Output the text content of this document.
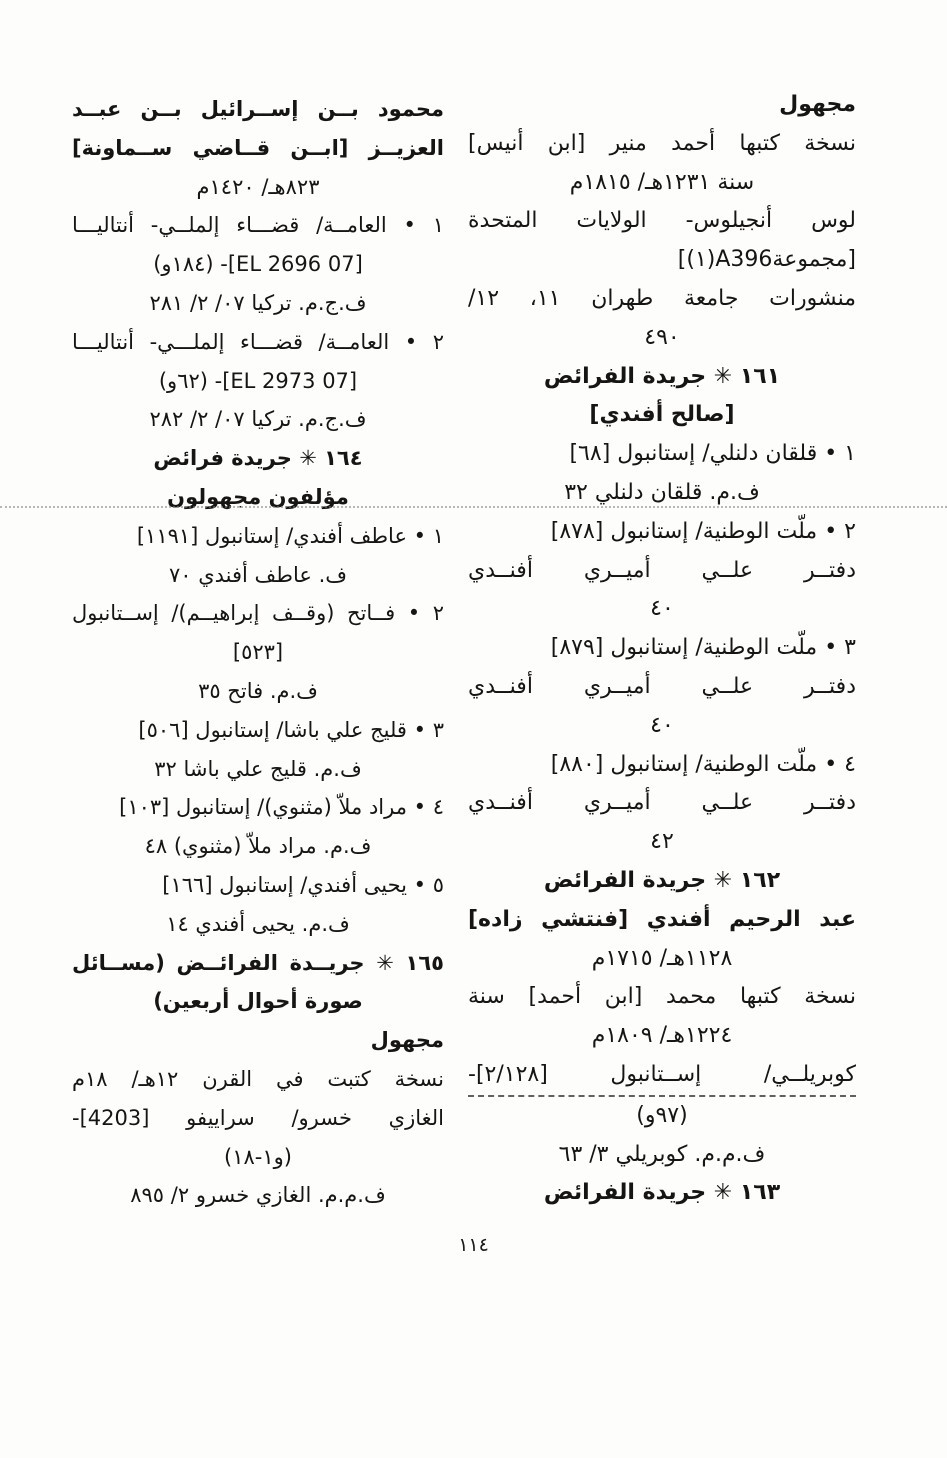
مجهول
نسخة كتبها أحمد منير [ابن أنيس]
سنة ١٢٣١هـ/ ١٨١٥م
لوس أنجيلوس- الولايات المتحدة
[مجموعةA396(١)]
منشورات جامعة طهران ١١، ١٢/
٤٩٠
١٦١ ✳ جريدة الفرائض
[صالح أفندي]
١ • قلقان دلنلي/ إستانبول [٦٨]
ف.م. قلقان دلنلي ٣٢
٢ • ملّت الوطنية/ إستانبول [٨٧٨]
دفتــر علــي أميــري أفنــدي
٤٠
٣ • ملّت الوطنية/ إستانبول [٨٧٩]
دفتــر علــي أميــري أفنــدي
٤٠
٤ • ملّت الوطنية/ إستانبول [٨٨٠]
دفتــر علــي أميــري أفنــدي
٤٢
١٦٢ ✳ جريدة الفرائض
عبد الرحيم أفندي [فنتشي زاده]
١١٢٨هـ/ ١٧١٥م
نسخة كتبها محمد [ابن أحمد] سنة
١٢٢٤هـ/ ١٨٠٩م
كوبريلــي/ إســتانبول [٢/١٢٨]-
(٩٧و)
ف.م.م. كوبريلي ٣/ ٦٣
١٦٣ ✳ جريدة الفرائض
محمود بــن إســرائيل بــن عبــد
العزيــز [ابــن قــاضي ســماونة]
٨٢٣هـ/ ١٤٢٠م
١ • العامــة/ قضـــاء إلملــي- أنتاليـــا
[07 EL 2696]- (١٨٤و)
ف.ج.م. تركيا ٠٧/ ٢/ ٢٨١
٢ • العامــة/ قضـــاء إلملـــي- أنتاليـــا
[07 EL 2973]- (٦٢و)
ف.ج.م. تركيا ٠٧/ ٢/ ٢٨٢
١٦٤ ✳ جريدة فرائض
مؤلفون مجهولون
١ • عاطف أفندي/ إستانبول [١١٩١]
ف. عاطف أفندي ٧٠
٢ • فــاتح (وقــف إبراهيــم)/ إســتانبول
[٥٢٣]
ف.م. فاتح ٣٥
٣ • قليج علي باشا/ إستانبول [٥٠٦]
ف.م. قليج علي باشا ٣٢
٤ • مراد ملاّ (مثنوي)/ إستانبول [١٠٣]
ف.م. مراد ملاّ (مثنوي) ٤٨
٥ • يحيى أفندي/ إستانبول [١٦٦]
ف.م. يحيى أفندي ١٤
١٦٥ ✳ جريــدة الفرائــض (مســائل
صورة أحوال أربعين)
مجهول
نسخة كتبت في القرن ١٢هـ/ ١٨م
الغازي خسرو/ سراييفو [4203]-
(و١-١٨)
ف.م.م. الغازي خسرو ٢/ ٨٩٥
١١٤
